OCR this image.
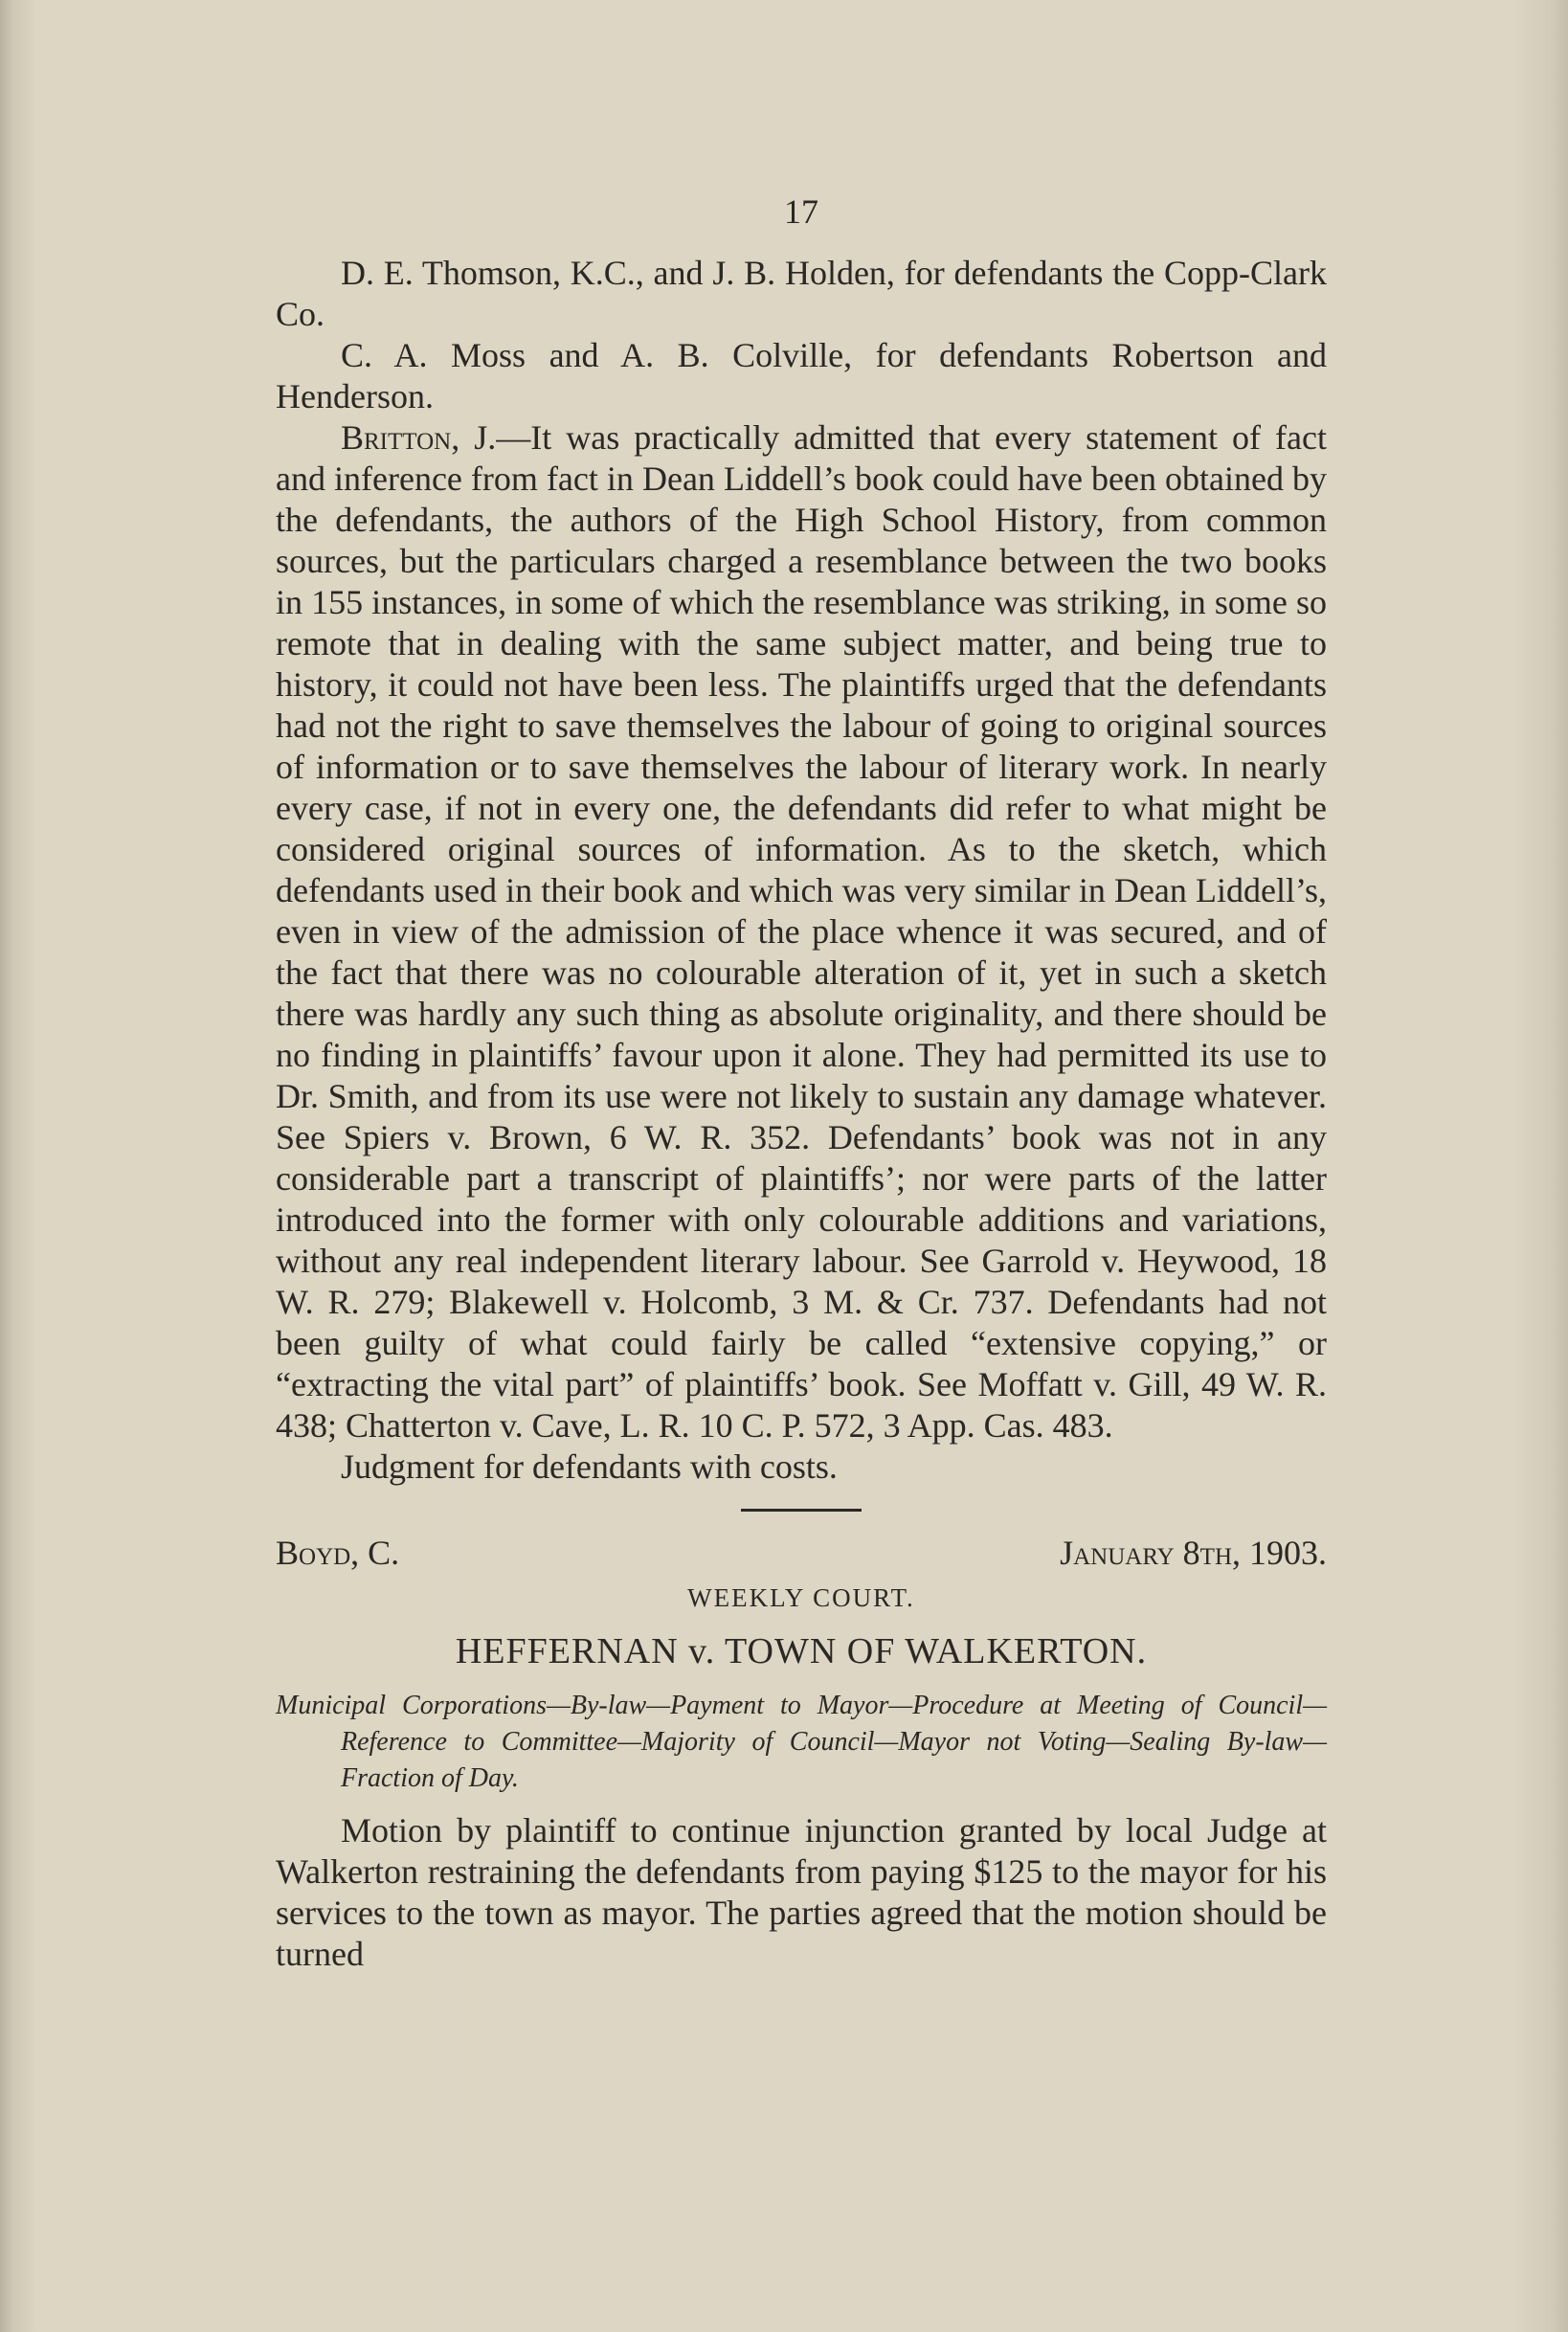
17

D. E. Thomson, K.C., and J. B. Holden, for defendants the Copp-Clark Co.

C. A. Moss and A. B. Colville, for defendants Robertson and Henderson.

Britton, J.—It was practically admitted that every statement of fact and inference from fact in Dean Liddell’s book could have been obtained by the defendants, the authors of the High School History, from common sources, but the particulars charged a resemblance between the two books in 155 instances, in some of which the resemblance was striking, in some so remote that in dealing with the same subject matter, and being true to history, it could not have been less. The plaintiffs urged that the defendants had not the right to save themselves the labour of going to original sources of information or to save themselves the labour of literary work. In nearly every case, if not in every one, the defendants did refer to what might be considered original sources of information. As to the sketch, which defendants used in their book and which was very similar in Dean Liddell’s, even in view of the admission of the place whence it was secured, and of the fact that there was no colourable alteration of it, yet in such a sketch there was hardly any such thing as absolute originality, and there should be no finding in plaintiffs’ favour upon it alone. They had permitted its use to Dr. Smith, and from its use were not likely to sustain any damage whatever. See Spiers v. Brown, 6 W. R. 352. Defendants’ book was not in any considerable part a transcript of plaintiffs’; nor were parts of the latter introduced into the former with only colourable additions and variations, without any real independent literary labour. See Garrold v. Heywood, 18 W. R. 279; Blakewell v. Holcomb, 3 M. & Cr. 737. Defendants had not been guilty of what could fairly be called “extensive copying,” or “extracting the vital part” of plaintiffs’ book. See Moffatt v. Gill, 49 W. R. 438; Chatterton v. Cave, L. R. 10 C. P. 572, 3 App. Cas. 483.

Judgment for defendants with costs.

Boyd, C.	January 8th, 1903.
WEEKLY COURT.
HEFFERNAN v. TOWN OF WALKERTON.
Municipal Corporations—By-law—Payment to Mayor—Procedure at Meeting of Council—Reference to Committee—Majority of Council—Mayor not Voting—Sealing By-law—Fraction of Day.

Motion by plaintiff to continue injunction granted by local Judge at Walkerton restraining the defendants from paying $125 to the mayor for his services to the town as mayor. The parties agreed that the motion should be turned
